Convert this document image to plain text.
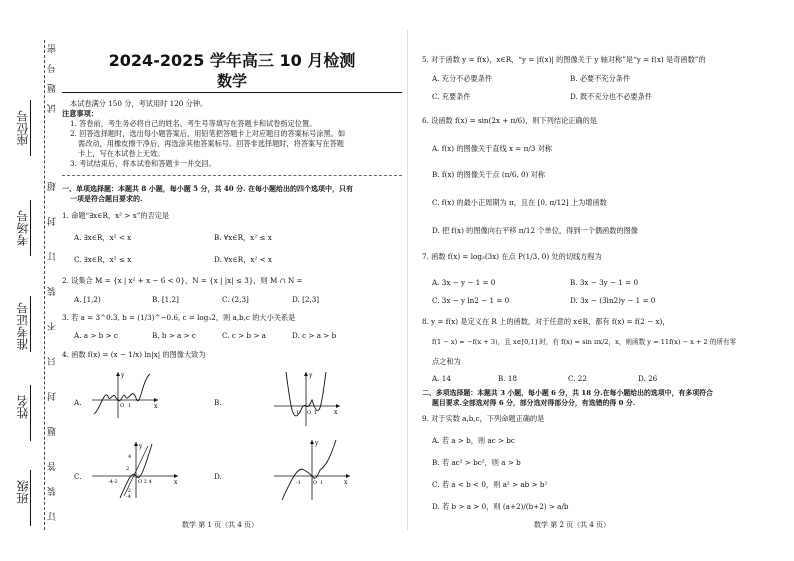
密
号
题
试
座位号
考场号
准考证号
姓名
班级
超
封
订
装
不
只
封
题
答
装
订
2024-2025 学年高三 10 月检测
数学
本试卷满分 150 分，考试用时 120 分钟。
注意事项：
1. 答卷前，考生务必将自己的姓名、考生号等填写在答题卡和试卷指定位置。
2. 回答选择题时，选出每小题答案后，用铅笔把答题卡上对应题目的答案标号涂黑。如
需改动，用橡皮擦干净后，再选涂其他答案标号。回答非选择题时，将答案写在答题
卡上，写在本试卷上无效。
3. 考试结束后，将本试卷和答题卡一并交回。
一、单项选择题：本题共 8 小题，每小题 5 分，共 40 分. 在每小题给出的四个选项中，只有
一项是符合题目要求的.
1. 命题“∃x∈R，x² > x”的否定是
A. ∃x∈R，x² < x	B. ∀x∈R，x² ≤ x
C. ∃x∈R，x² ≤ x	D. ∀x∈R，x² < x
2. 设集合 M = {x | x² + x − 6 < 0}，N = {x | |x| ≤ 3}，则 M ∩ N =
A. [1,2)	B. [1,2]	C. (2,3]	D. [2,3]
3. 若 a = 3^0.3, b = (1/3)^−0.6, c = log₃2，则 a,b,c 的大小关系是
A. a > b > c	B. b > a > c	C. c > b > a	D. c > a > b
4. 函数 f(x) = (x − 1/x) ln|x| 的图像大致为
A.
y
O 1	x	B.
y
-1 O 1	x
C.
y
4
2
-4-2	O 2 4	x
-2
-4
D.
y
-1 O 1	x
数学 第 1 页（共 4 页）
5. 对于函数 y = f(x)，x∈R，“y = |f(x)| 的图像关于 y 轴对称”是“y = f(x) 是奇函数”的
A. 充分不必要条件	B. 必要不充分条件
C. 充要条件	D. 既不充分也不必要条件
6. 设函数 f(x) = sin(2x + π/6)，则下列结论正确的是
A. f(x) 的图像关于直线 x = π/3 对称
B. f(x) 的图像关于点 (π/6, 0) 对称
C. f(x) 的最小正周期为 π，且在 [0, π/12] 上为增函数
D. 把 f(x) 的图像向右平移 π/12 个单位，得到一个偶函数的图像
7. 函数 f(x) = log₂(3x) 在点 P(1/3, 0) 处的切线方程为
A. 3x − y − 1 = 0	B. 3x − 3y − 1 = 0
C. 3x − y ln2 − 1 = 0	D. 3x − (3ln2)y − 1 = 0
8. y = f(x) 是定义在 R 上的函数，对于任意的 x∈R，都有 f(x) = f(2 − x)，
f(1 − x) = −f(x + 3)，且 x∈[0,1] 时，有 f(x) = sin πx/2，x，则函数 y = 11f(x) − x + 2 的所有零
点之和为
A. 14	B. 18	C. 22	D. 26
二、多项选择题：本题共 3 小题，每小题 6 分，共 18 分.在每小题给出的选项中，有多项符合
题目要求.全部选对得 6 分，部分选对得部分分，有选错的得 0 分.
9. 对于实数 a,b,c，下列命题正确的是
A. 若 a > b，则 ac > bc
B. 若 ac² > bc²，则 a > b
C. 若 a < b < 0，则 a² > ab > b²
D. 若 b > a > 0，则 (a+2)/(b+2) > a/b
数学 第 2 页（共 4 页）
